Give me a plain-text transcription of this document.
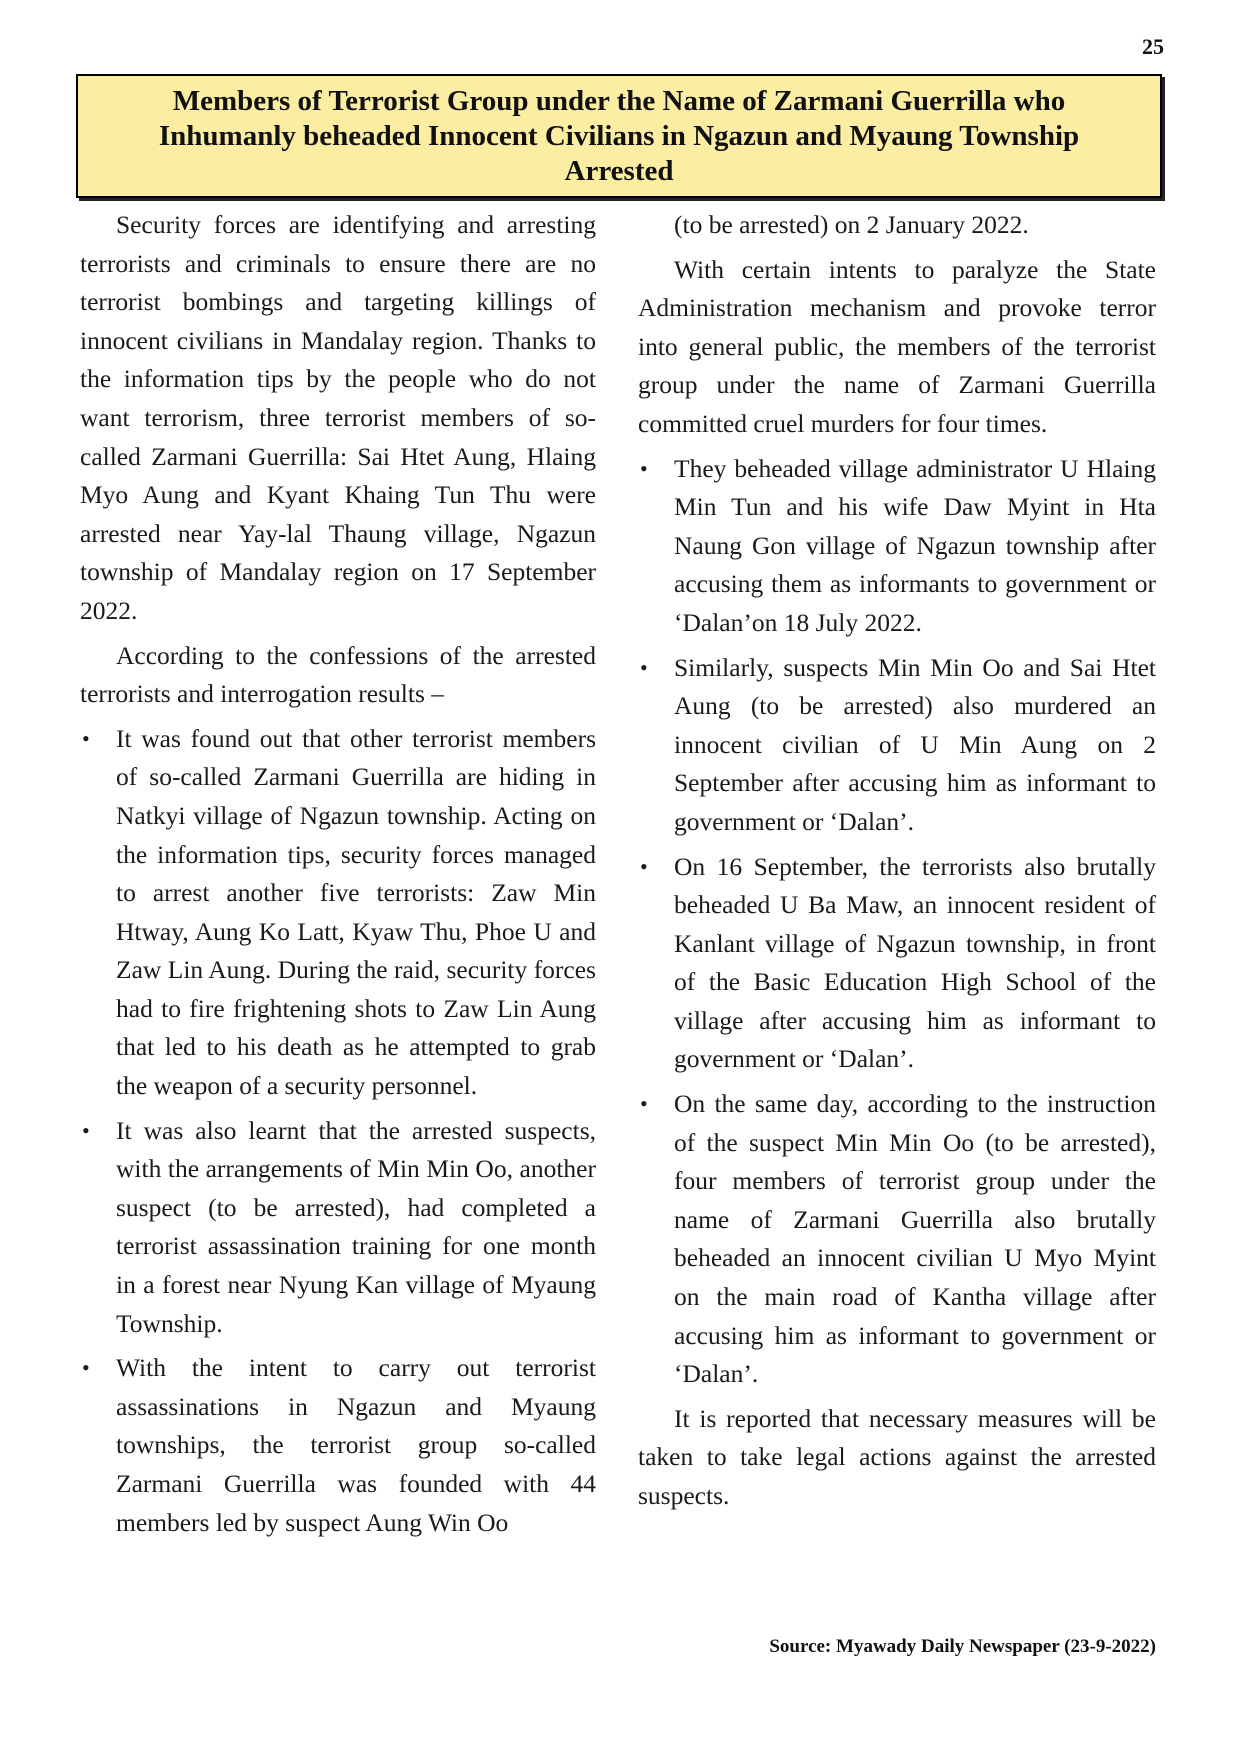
25
Members of Terrorist Group under the Name of Zarmani Guerrilla who Inhumanly beheaded Innocent Civilians in Ngazun and Myaung Township Arrested

Security forces are identifying and arresting terrorists and criminals to ensure there are no terrorist bombings and targeting killings of innocent civilians in Mandalay region. Thanks to the information tips by the people who do not want terrorism, three terrorist members of so-called Zarmani Guerrilla: Sai Htet Aung, Hlaing Myo Aung and Kyant Khaing Tun Thu were arrested near Yay-lal Thaung village, Ngazun township of Mandalay region on 17 September 2022.

According to the confessions of the arrested terrorists and interrogation results –

• It was found out that other terrorist members of so-called Zarmani Guerrilla are hiding in Natkyi village of Ngazun township. Acting on the information tips, security forces managed to arrest another five terrorists: Zaw Min Htway, Aung Ko Latt, Kyaw Thu, Phoe U and Zaw Lin Aung. During the raid, security forces had to fire frightening shots to Zaw Lin Aung that led to his death as he attempted to grab the weapon of a security personnel.
• It was also learnt that the arrested suspects, with the arrangements of Min Min Oo, another suspect (to be arrested), had completed a terrorist assassination training for one month in a forest near Nyung Kan village of Myaung Township.
• With the intent to carry out terrorist assassinations in Ngazun and Myaung townships, the terrorist group so-called Zarmani Guerrilla was founded with 44 members led by suspect Aung Win Oo

(to be arrested) on 2 January 2022.

With certain intents to paralyze the State Administration mechanism and provoke terror into general public, the members of the terrorist group under the name of Zarmani Guerrilla committed cruel murders for four times.

• They beheaded village administrator U Hlaing Min Tun and his wife Daw Myint in Hta Naung Gon village of Ngazun township after accusing them as informants to government or ‘Dalan’on 18 July 2022.
• Similarly, suspects Min Min Oo and Sai Htet Aung (to be arrested) also murdered an innocent civilian of U Min Aung on 2 September after accusing him as informant to government or ‘Dalan’.
• On 16 September, the terrorists also brutally beheaded U Ba Maw, an innocent resident of Kanlant village of Ngazun township, in front of the Basic Education High School of the village after accusing him as informant to government or ‘Dalan’.
• On the same day, according to the instruction of the suspect Min Min Oo (to be arrested), four members of terrorist group under the name of Zarmani Guerrilla also brutally beheaded an innocent civilian U Myo Myint on the main road of Kantha village after accusing him as informant to government or ‘Dalan’.

It is reported that necessary measures will be taken to take legal actions against the arrested suspects.

Source: Myawady Daily Newspaper (23-9-2022)
